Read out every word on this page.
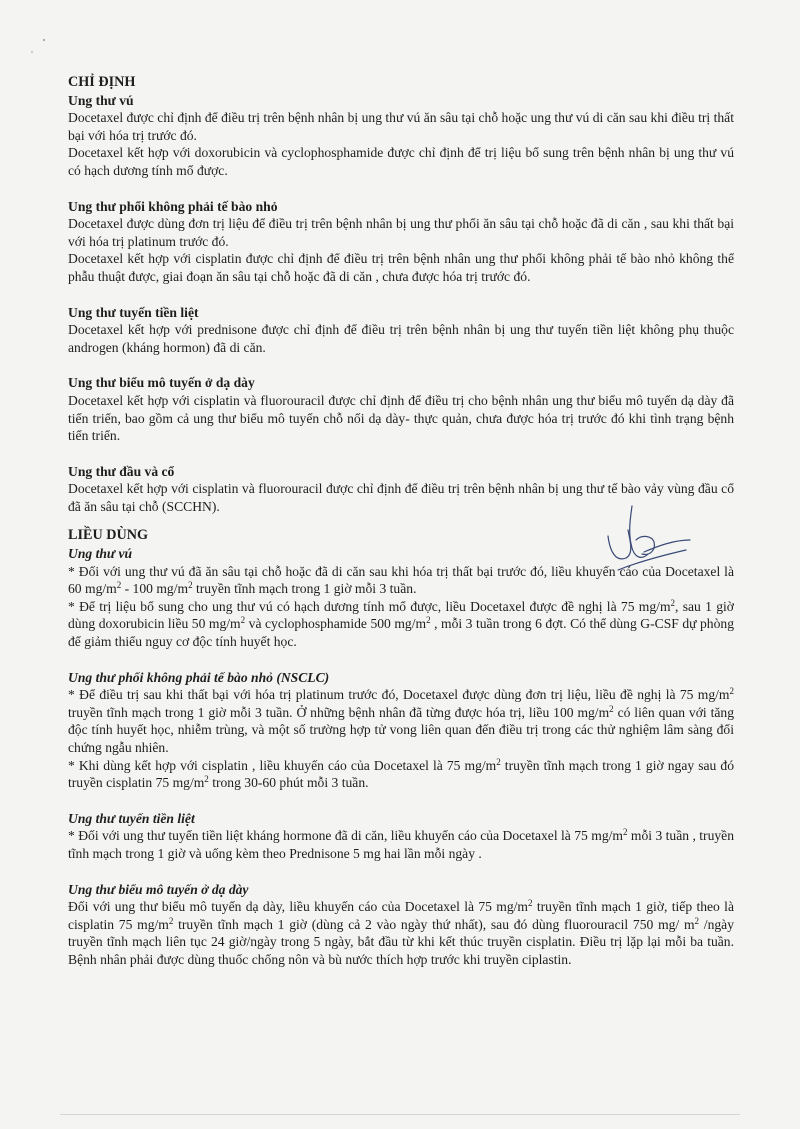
CHỈ ĐỊNH
Ung thư vú

Docetaxel được chỉ định để điều trị trên bệnh nhân bị ung thư vú ăn sâu tại chỗ hoặc ung thư vú di căn sau khi điều trị thất bại với hóa trị trước đó.

Docetaxel kết hợp với doxorubicin và cyclophosphamide được chỉ định để trị liệu bổ sung trên bệnh nhân bị ung thư vú có hạch dương tính mổ được.

Ung thư phổi không phải tế bào nhỏ

Docetaxel được dùng đơn trị liệu để điều trị trên bệnh nhân bị ung thư phổi ăn sâu tại chỗ hoặc đã di căn , sau khi thất bại với hóa trị platinum trước đó.

Docetaxel kết hợp với cisplatin được chỉ định để điều trị trên bệnh nhân ung thư phổi không phải tế bào nhỏ không thể phẫu thuật được, giai đoạn ăn sâu tại chỗ hoặc đã di căn , chưa được hóa trị trước đó.

Ung thư tuyến tiền liệt

Docetaxel kết hợp với prednisone được chỉ định để điều trị trên bệnh nhân bị ung thư tuyến tiền liệt không phụ thuộc androgen (kháng hormon) đã di căn.

Ung thư biểu mô tuyến ở dạ dày

Docetaxel kết hợp với cisplatin và fluorouracil được chỉ định để điều trị cho bệnh nhân ung thư biểu mô tuyến dạ dày đã tiến triển, bao gồm cả ung thư biểu mô tuyến chỗ nối dạ dày- thực quản, chưa được hóa trị trước đó khi tình trạng bệnh tiến triển.

Ung thư đầu và cổ

Docetaxel kết hợp với cisplatin và fluorouracil được chỉ định để điều trị trên bệnh nhân bị ung thư tế bào vảy vùng đầu cổ đã ăn sâu tại chỗ (SCCHN).

LIỀU DÙNG
Ung thư vú

* Đối với ung thư vú đã ăn sâu tại chỗ hoặc đã di căn sau khi hóa trị thất bại trước đó, liều khuyến cáo của Docetaxel là 60 $mg/m^2 - 100$ $mg/m^2$ truyền tĩnh mạch trong 1 giờ mỗi 3 tuần.

* Để trị liệu bổ sung cho ung thư vú có hạch dương tính mổ được, liều Docetaxel được đề nghị là 75 $mg/m^2$, sau 1 giờ dùng doxorubicin liều 50 $mg/m^2$ và cyclophosphamide 500 $mg/m^2$ , mỗi 3 tuần trong 6 đợt. Có thể dùng G-CSF dự phòng để giảm thiểu nguy cơ độc tính huyết học.

Ung thư phổi không phải tế bào nhỏ (NSCLC)

* Để điều trị sau khi thất bại với hóa trị platinum trước đó, Docetaxel được dùng đơn trị liệu, liều đề nghị là 75 $mg/m^2$ truyền tĩnh mạch trong 1 giờ mỗi 3 tuần. Ở những bệnh nhân đã từng được hóa trị, liều 100 $mg/m^2$ có liên quan với tăng độc tính huyết học, nhiễm trùng, và một số trường hợp tử vong liên quan đến điều trị trong các thử nghiệm lâm sàng đối chứng ngẫu nhiên.

* Khi dùng kết hợp với cisplatin , liều khuyến cáo của Docetaxel là 75 $mg/m^2$ truyền tĩnh mạch trong 1 giờ ngay sau đó truyền cisplatin 75 $mg/m^2$ trong 30-60 phút mỗi 3 tuần.

Ung thư tuyến tiền liệt

* Đối với ung thư tuyến tiền liệt kháng hormone đã di căn, liều khuyến cáo của Docetaxel là 75 $mg/m^2$ mỗi 3 tuần , truyền tĩnh mạch trong 1 giờ và uống kèm theo Prednisone 5 mg hai lần mỗi ngày .

Ung thư biểu mô tuyến ở dạ dày

Đối với ung thư biểu mô tuyến dạ dày, liều khuyến cáo của Docetaxel là 75 $mg/m^2$ truyền tĩnh mạch 1 giờ, tiếp theo là cisplatin 75 $mg/m^2$ truyền tĩnh mạch 1 giờ (dùng cả 2 vào ngày thứ nhất), sau đó dùng fluorouracil 750 mg/ $m^2$ /ngày truyền tĩnh mạch liên tục 24 giờ/ngày trong 5 ngày, bắt đầu từ khi kết thúc truyền cisplatin. Điều trị lặp lại mỗi ba tuần. Bệnh nhân phải được dùng thuốc chống nôn và bù nước thích hợp trước khi truyền ciplastin.
